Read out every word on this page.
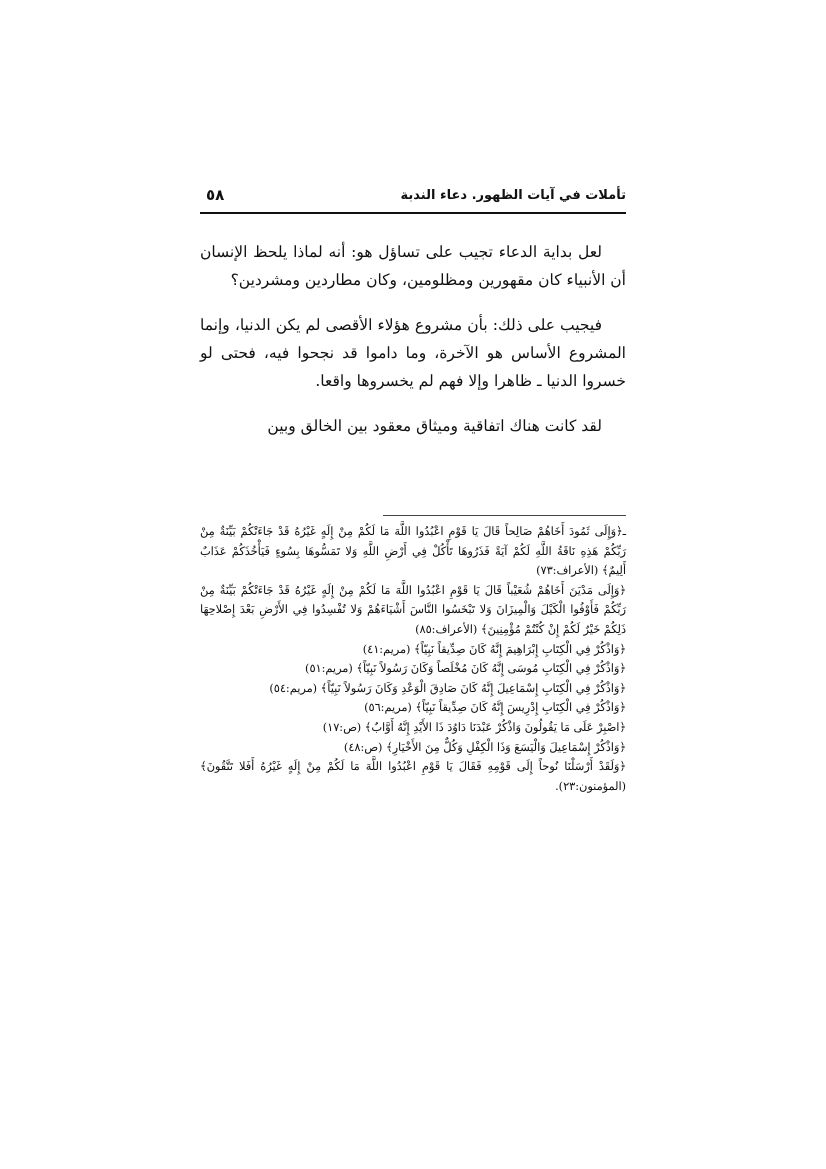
تأملات في آيات الظهور. دعاء الندبة
٥٨

لعل بداية الدعاء تجيب على تساؤل هو: أنه لماذا يلحظ الإنسان أن الأنبياء كان مقهورين ومظلومين، وكان مطاردين ومشردين؟

فيجيب على ذلك: بأن مشروع هؤلاء الأقصى لم يكن الدنيا، وإنما المشروع الأساس هو الآخرة، وما داموا قد نجحوا فيه، فحتى لو خسروا الدنيا ـ ظاهرا وإلا فهم لم يخسروها واقعا.

لقد كانت هناك اتفاقية وميثاق معقود بين الخالق وبين

ـ﴿وَإِلَى ثَمُودَ أَخَاهُمْ صَالِحاً قَالَ يَا قَوْمِ اعْبُدُوا اللَّهَ مَا لَكُمْ مِنْ إِلَهٍ غَيْرُهُ قَدْ جَاءَتْكُمْ بَيِّنَةٌ مِنْ رَبِّكُمْ هَذِهِ نَاقَةُ اللَّهِ لَكُمْ آيَةً فَذَرُوهَا تَأْكُلْ فِي أَرْضِ اللَّهِ وَلا تَمَسُّوهَا بِسُوءٍ فَيَأْخُذَكُمْ عَذَابٌ أَلِيمٌ﴾ (الأعراف:٧٣)

﴿وَإِلَى مَدْيَنَ أَخَاهُمْ شُعَيْباً قَالَ يَا قَوْمِ اعْبُدُوا اللَّهَ مَا لَكُمْ مِنْ إِلَهٍ غَيْرُهُ قَدْ جَاءَتْكُمْ بَيِّنَةٌ مِنْ رَبِّكُمْ فَأَوْفُوا الْكَيْلَ وَالْمِيزَانَ وَلا تَبْخَسُوا النَّاسَ أَشْيَاءَهُمْ وَلا تُفْسِدُوا فِي الأَرْضِ بَعْدَ إِصْلاحِهَا ذَلِكُمْ خَيْرٌ لَكُمْ إِنْ كُنْتُمْ مُؤْمِنِينَ﴾ (الأعراف:٨٥)

﴿وَاذْكُرْ فِي الْكِتَابِ إِبْرَاهِيمَ إِنَّهُ كَانَ صِدِّيقاً نَبِيّاً﴾ (مريم:٤١)

﴿وَاذْكُرْ فِي الْكِتَابِ مُوسَى إِنَّهُ كَانَ مُخْلَصاً وَكَانَ رَسُولاً نَبِيّاً﴾ (مريم:٥١)

﴿وَاذْكُرْ فِي الْكِتَابِ إِسْمَاعِيلَ إِنَّهُ كَانَ صَادِقَ الْوَعْدِ وَكَانَ رَسُولاً نَبِيّاً﴾ (مريم:٥٤)

﴿وَاذْكُرْ فِي الْكِتَابِ إِدْرِيسَ إِنَّهُ كَانَ صِدِّيقاً نَبِيّاً﴾ (مريم:٥٦)

﴿اصْبِرْ عَلَى مَا يَقُولُونَ وَاذْكُرْ عَبْدَنَا دَاوُدَ ذَا الأَيْدِ إِنَّهُ أَوَّابٌ﴾ (ص:١٧)

﴿وَاذْكُرْ إِسْمَاعِيلَ وَالْيَسَعَ وَذَا الْكِفْلِ وَكُلٌّ مِنَ الأَخْيَارِ﴾ (ص:٤٨)

﴿وَلَقَدْ أَرْسَلْنَا نُوحاً إِلَى قَوْمِهِ فَقَالَ يَا قَوْمِ اعْبُدُوا اللَّهَ مَا لَكُمْ مِنْ إِلَهٍ غَيْرُهُ أَفَلا تَتَّقُونَ﴾ (المؤمنون:٢٣).
